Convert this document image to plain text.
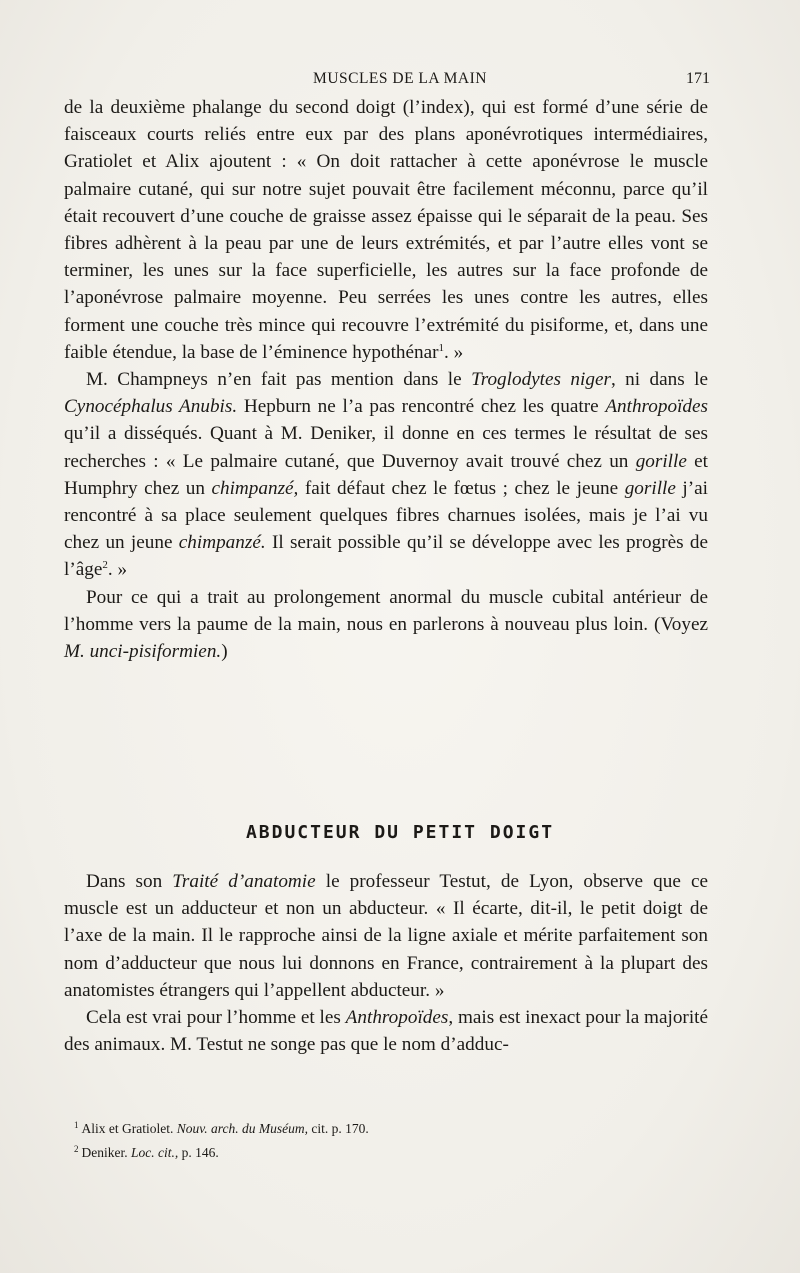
MUSCLES DE LA MAIN	171

de la deuxième phalange du second doigt (l’index), qui est formé d’une série de faisceaux courts reliés entre eux par des plans aponévrotiques intermédiaires, Gratiolet et Alix ajoutent : « On doit rattacher à cette aponévrose le muscle palmaire cutané, qui sur notre sujet pouvait être facilement méconnu, parce qu’il était recouvert d’une couche de graisse assez épaisse qui le séparait de la peau. Ses fibres adhèrent à la peau par une de leurs extrémités, et par l’autre elles vont se terminer, les unes sur la face superficielle, les autres sur la face profonde de l’aponévrose palmaire moyenne. Peu serrées les unes contre les autres, elles forment une couche très mince qui recouvre l’extrémité du pisiforme, et, dans une faible étendue, la base de l’éminence hypothénar$^1$. »

M. Champneys n’en fait pas mention dans le Troglodytes niger, ni dans le Cynocéphalus Anubis. Hepburn ne l’a pas rencontré chez les quatre Anthropoïdes qu’il a disséqués. Quant à M. Deniker, il donne en ces termes le résultat de ses recherches : « Le palmaire cutané, que Duvernoy avait trouvé chez un gorille et Humphry chez un chimpanzé, fait défaut chez le fœtus ; chez le jeune gorille j’ai rencontré à sa place seulement quelques fibres charnues isolées, mais je l’ai vu chez un jeune chimpanzé. Il serait possible qu’il se développe avec les progrès de l’âge$^2$. »

Pour ce qui a trait au prolongement anormal du muscle cubital antérieur de l’homme vers la paume de la main, nous en parlerons à nouveau plus loin. (Voyez M. unci-pisiformien.)

ABDUCTEUR DU PETIT DOIGT

Dans son Traité d’anatomie le professeur Testut, de Lyon, observe que ce muscle est un adducteur et non un abducteur. « Il écarte, dit-il, le petit doigt de l’axe de la main. Il le rapproche ainsi de la ligne axiale et mérite parfaitement son nom d’adducteur que nous lui donnons en France, contrairement à la plupart des anatomistes étrangers qui l’appellent abducteur. »

Cela est vrai pour l’homme et les Anthropoïdes, mais est inexact pour la majorité des animaux. M. Testut ne songe pas que le nom d’adduc-

$^1$ Alix et Gratiolet. Nouv. arch. du Muséum, cit. p. 170.

$^2$ Deniker. Loc. cit., p. 146.
